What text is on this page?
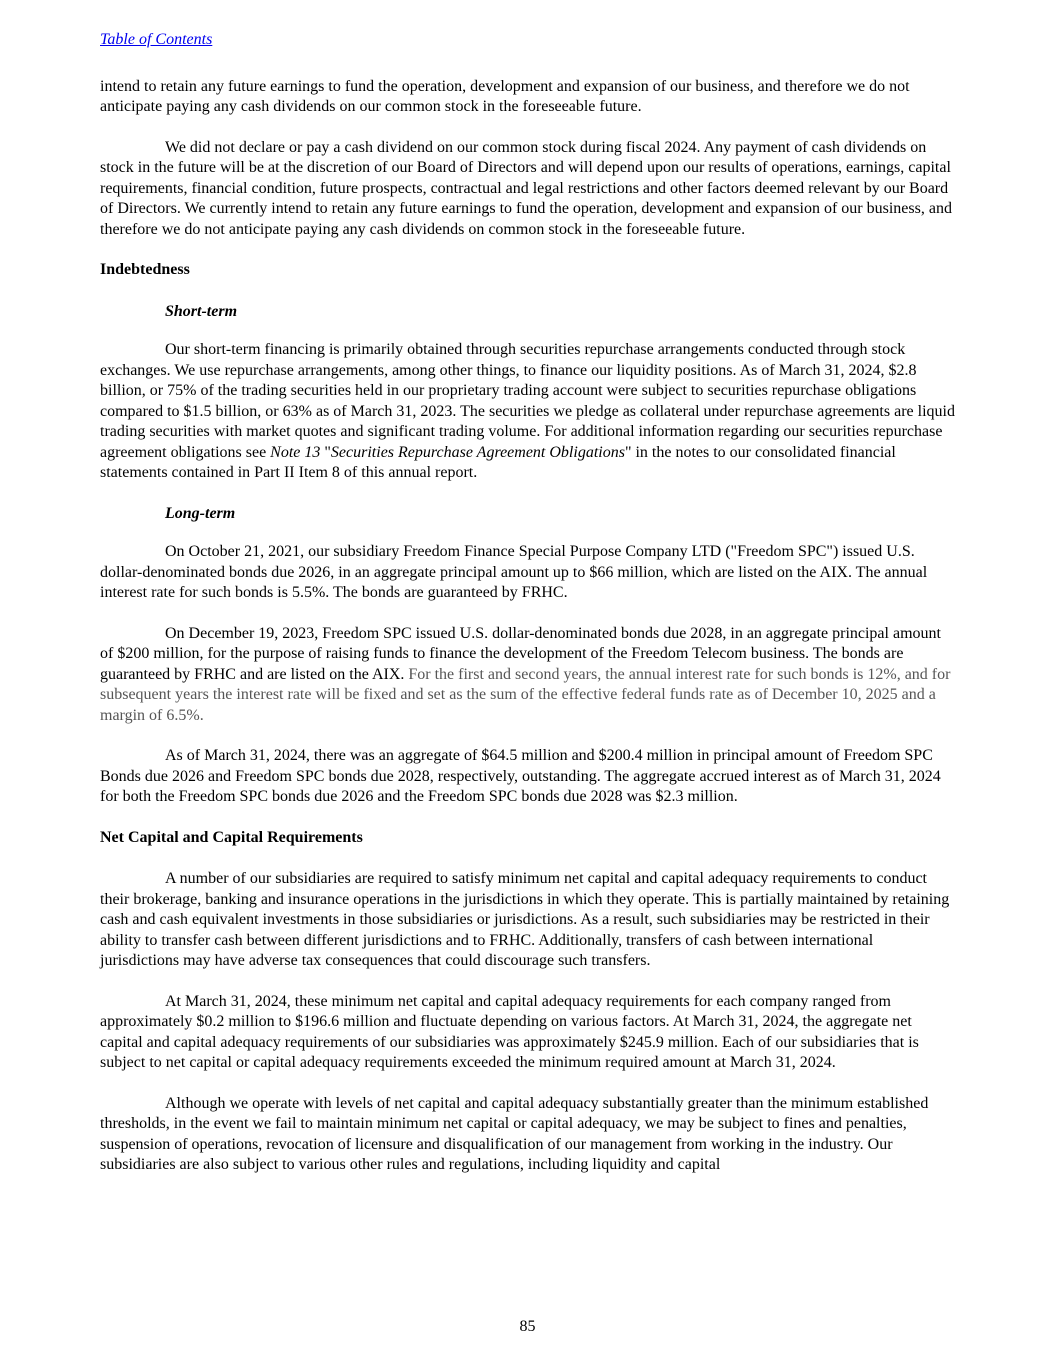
Table of Contents

intend to retain any future earnings to fund the operation, development and expansion of our business, and therefore we do not anticipate paying any cash dividends on our common stock in the foreseeable future.

We did not declare or pay a cash dividend on our common stock during fiscal 2024. Any payment of cash dividends on stock in the future will be at the discretion of our Board of Directors and will depend upon our results of operations, earnings, capital requirements, financial condition, future prospects, contractual and legal restrictions and other factors deemed relevant by our Board of Directors. We currently intend to retain any future earnings to fund the operation, development and expansion of our business, and therefore we do not anticipate paying any cash dividends on common stock in the foreseeable future.

Indebtedness
Short-term

Our short-term financing is primarily obtained through securities repurchase arrangements conducted through stock exchanges. We use repurchase arrangements, among other things, to finance our liquidity positions. As of March 31, 2024, $2.8 billion, or 75% of the trading securities held in our proprietary trading account were subject to securities repurchase obligations compared to $1.5 billion, or 63% as of March 31, 2023. The securities we pledge as collateral under repurchase agreements are liquid trading securities with market quotes and significant trading volume. For additional information regarding our securities repurchase agreement obligations see Note 13 "Securities Repurchase Agreement Obligations" in the notes to our consolidated financial statements contained in Part II Item 8 of this annual report.

Long-term

On October 21, 2021, our subsidiary Freedom Finance Special Purpose Company LTD ("Freedom SPC") issued U.S. dollar-denominated bonds due 2026, in an aggregate principal amount up to $66 million, which are listed on the AIX. The annual interest rate for such bonds is 5.5%. The bonds are guaranteed by FRHC.

On December 19, 2023, Freedom SPC issued U.S. dollar-denominated bonds due 2028, in an aggregate principal amount of $200 million, for the purpose of raising funds to finance the development of the Freedom Telecom business. The bonds are guaranteed by FRHC and are listed on the AIX. For the first and second years, the annual interest rate for such bonds is 12%, and for subsequent years the interest rate will be fixed and set as the sum of the effective federal funds rate as of December 10, 2025 and a margin of 6.5%.

As of March 31, 2024, there was an aggregate of $64.5 million and $200.4 million in principal amount of Freedom SPC Bonds due 2026 and Freedom SPC bonds due 2028, respectively, outstanding. The aggregate accrued interest as of March 31, 2024 for both the Freedom SPC bonds due 2026 and the Freedom SPC bonds due 2028 was $2.3 million.

Net Capital and Capital Requirements

A number of our subsidiaries are required to satisfy minimum net capital and capital adequacy requirements to conduct their brokerage, banking and insurance operations in the jurisdictions in which they operate. This is partially maintained by retaining cash and cash equivalent investments in those subsidiaries or jurisdictions. As a result, such subsidiaries may be restricted in their ability to transfer cash between different jurisdictions and to FRHC. Additionally, transfers of cash between international jurisdictions may have adverse tax consequences that could discourage such transfers.

At March 31, 2024, these minimum net capital and capital adequacy requirements for each company ranged from approximately $0.2 million to $196.6 million and fluctuate depending on various factors. At March 31, 2024, the aggregate net capital and capital adequacy requirements of our subsidiaries was approximately $245.9 million. Each of our subsidiaries that is subject to net capital or capital adequacy requirements exceeded the minimum required amount at March 31, 2024.

Although we operate with levels of net capital and capital adequacy substantially greater than the minimum established thresholds, in the event we fail to maintain minimum net capital or capital adequacy, we may be subject to fines and penalties, suspension of operations, revocation of licensure and disqualification of our management from working in the industry. Our subsidiaries are also subject to various other rules and regulations, including liquidity and capital

85
